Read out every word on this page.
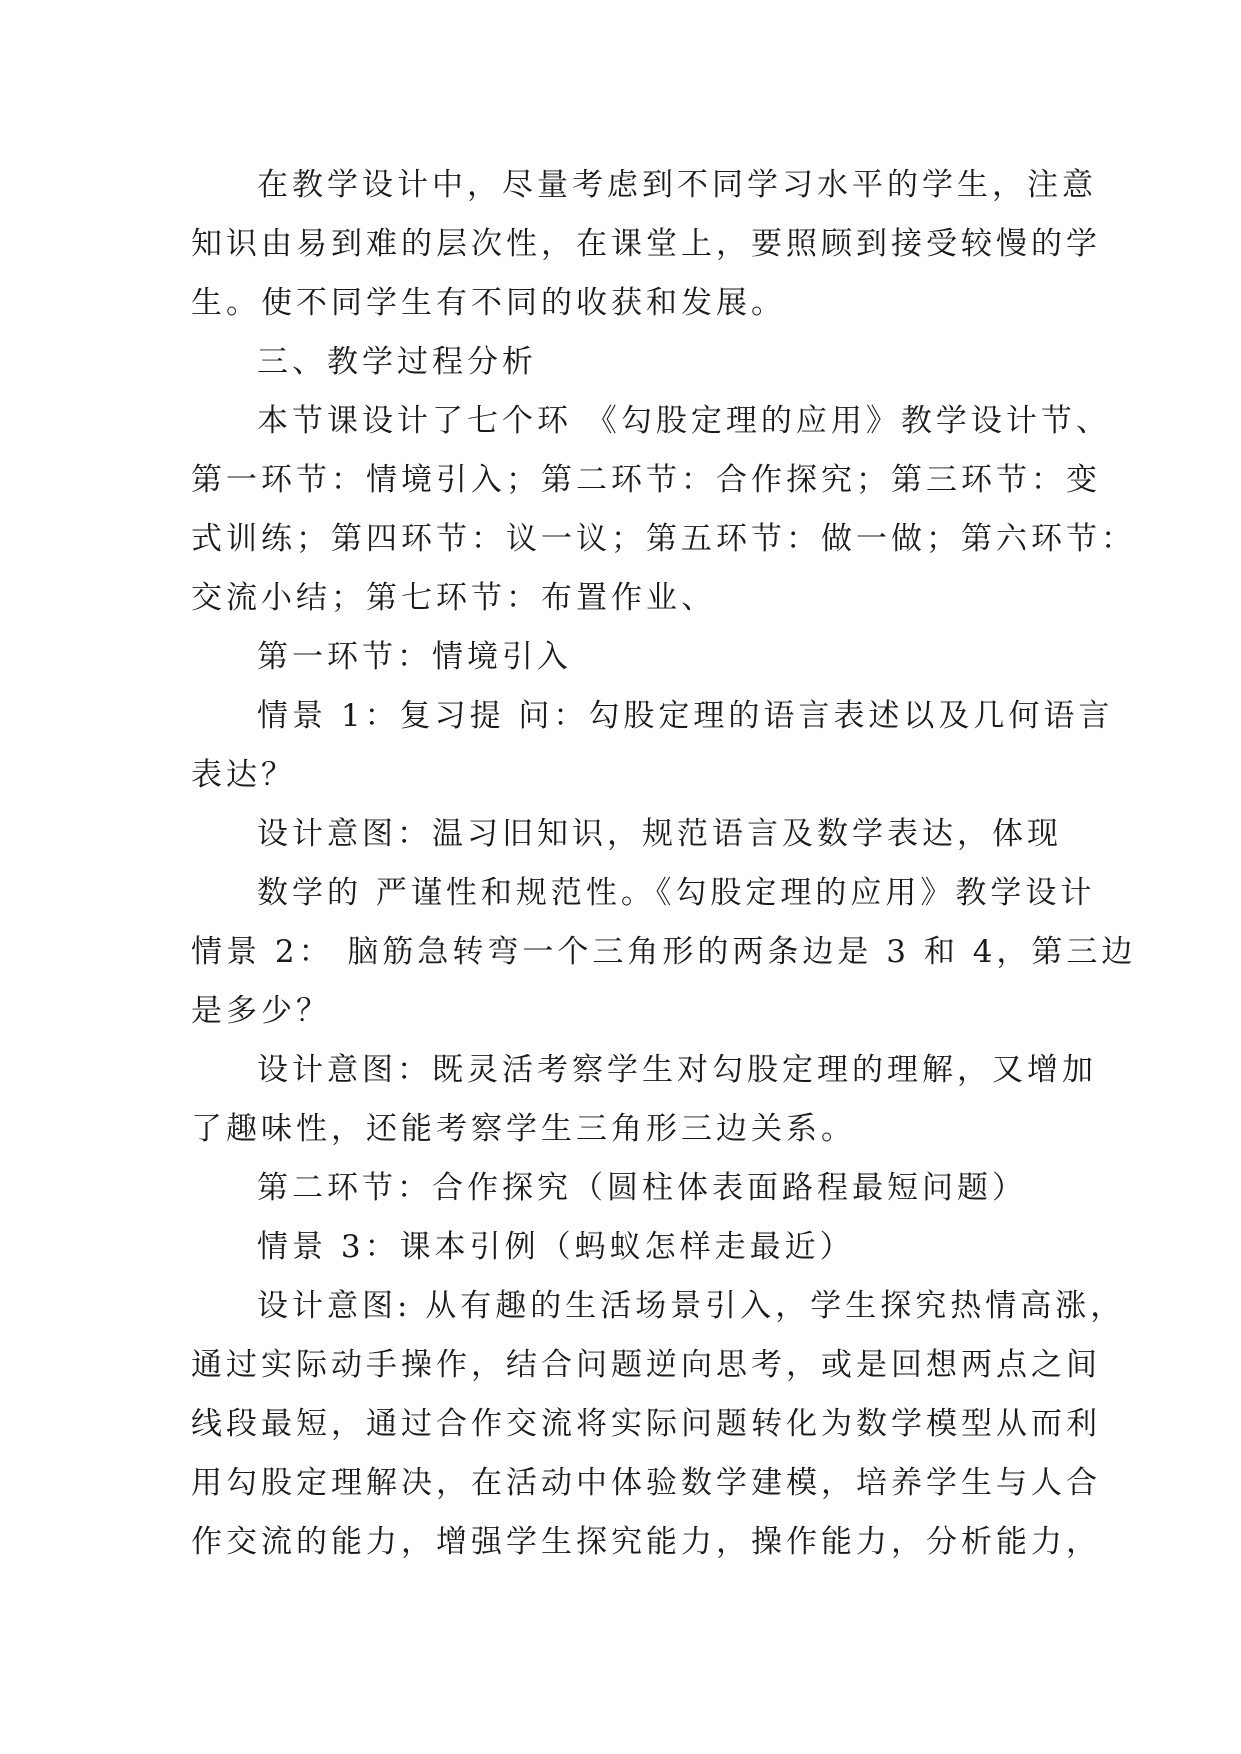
在教学设计中，尽量考虑到不同学习水平的学生，注意
知识由易到难的层次性，在课堂上，要照顾到接受较慢的学
生。使不同学生有不同的收获和发展。
三、教学过程分析
本节课设计了七个环 《勾股定理的应用》教学设计节、
第一环节：情境引入；第二环节：合作探究；第三环节：变
式训练；第四环节：议一议；第五环节：做一做；第六环节：
交流小结；第七环节：布置作业、
第一环节：情境引入
情景 1：复习提 问：勾股定理的语言表述以及几何语言
表达？
设计意图：温习旧知识，规范语言及数学表达，体现
数学的 严谨性和规范性。《勾股定理的应用》教学设计
情景 2： 脑筋急转弯一个三角形的两条边是 3 和 4，第三边
是多少？
设计意图：既灵活考察学生对勾股定理的理解，又增加
了趣味性，还能考察学生三角形三边关系。
第二环节：合作探究（圆柱体表面路程最短问题）
情景 3：课本引例（蚂蚁怎样走最近）
设计意图: 从有趣的生活场景引入，学生探究热情高涨，
通过实际动手操作，结合问题逆向思考，或是回想两点之间
线段最短，通过合作交流将实际问题转化为数学模型从而利
用勾股定理解决，在活动中体验数学建模，培养学生与人合
作交流的能力，增强学生探究能力，操作能力，分析能力，
